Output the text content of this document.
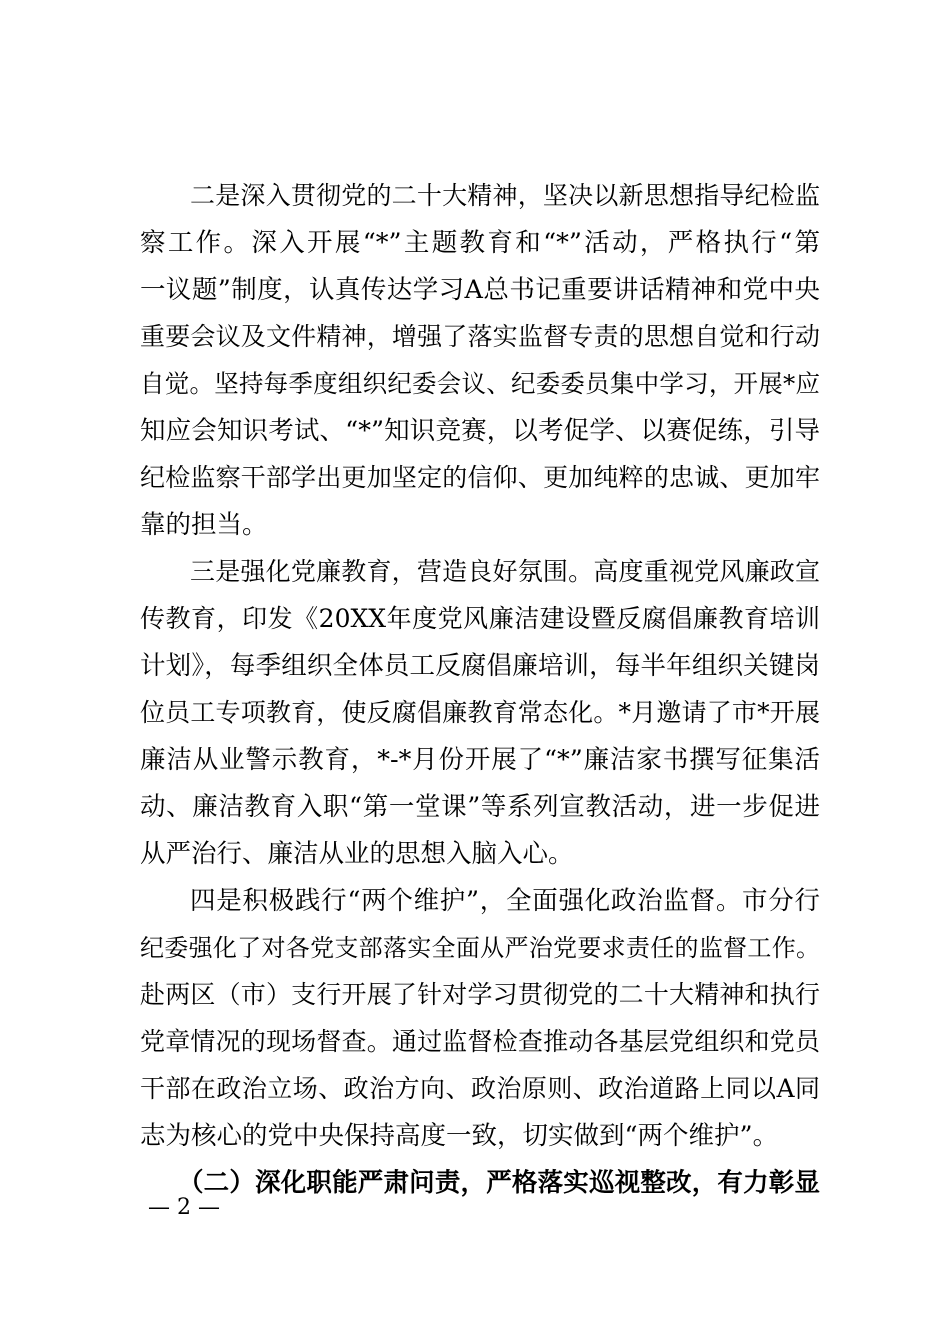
二是深入贯彻党的二十大精神，坚决以新思想指导纪检监
察工作。深入开展“*”主题教育和“*”活动，严格执行“第
一议题”制度，认真传达学习A总书记重要讲话精神和党中央
重要会议及文件精神，增强了落实监督专责的思想自觉和行动
自觉。坚持每季度组织纪委会议、纪委委员集中学习，开展*应
知应会知识考试、“*”知识竞赛，以考促学、以赛促练，引导
纪检监察干部学出更加坚定的信仰、更加纯粹的忠诚、更加牢
靠的担当。
三是强化党廉教育，营造良好氛围。高度重视党风廉政宣
传教育，印发《20XX年度党风廉洁建设暨反腐倡廉教育培训
计划》，每季组织全体员工反腐倡廉培训，每半年组织关键岗
位员工专项教育，使反腐倡廉教育常态化。*月邀请了市*开展
廉洁从业警示教育，*-*月份开展了“*”廉洁家书撰写征集活
动、廉洁教育入职“第一堂课”等系列宣教活动，进一步促进
从严治行、廉洁从业的思想入脑入心。
四是积极践行“两个维护”，全面强化政治监督。市分行
纪委强化了对各党支部落实全面从严治党要求责任的监督工作。
赴两区（市）支行开展了针对学习贯彻党的二十大精神和执行
党章情况的现场督查。通过监督检查推动各基层党组织和党员
干部在政治立场、政治方向、政治原则、政治道路上同以A同
志为核心的党中央保持高度一致，切实做到“两个维护”。
（二）深化职能严肃问责，严格落实巡视整改，有力彰显
— 2 —
